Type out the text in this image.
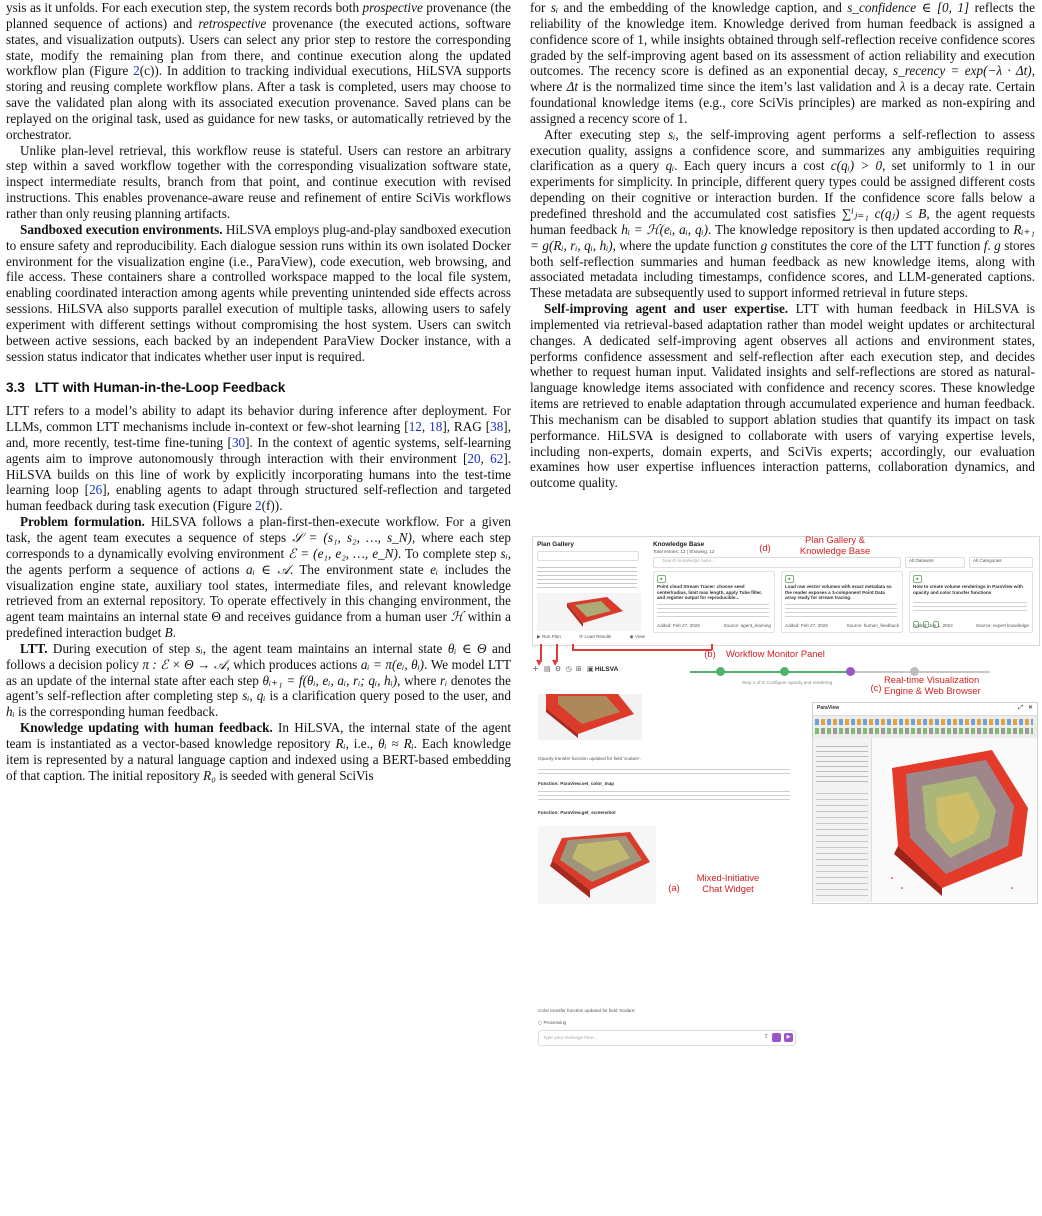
ysis as it unfolds. For each execution step, the system records both prospective provenance (the planned sequence of actions) and retrospective provenance (the executed actions, software states, and visualization outputs). Users can select any prior step to restore the corresponding state, modify the remaining plan from there, and continue execution along the updated workflow plan (Figure 2(c)). In addition to tracking individual executions, HiLSVA supports storing and reusing complete workflow plans. After a task is completed, users may choose to save the validated plan along with its associated execution provenance. Saved plans can be replayed on the original task, used as guidance for new tasks, or automatically retrieved by the orchestrator.

Unlike plan-level retrieval, this workflow reuse is stateful. Users can restore an arbitrary step within a saved workflow together with the corresponding visualization software state, inspect intermediate results, branch from that point, and continue execution with revised instructions. This enables provenance-aware reuse and refinement of entire SciVis workflows rather than only reusing planning artifacts.

Sandboxed execution environments. HiLSVA employs plug-and-play sandboxed execution to ensure safety and reproducibility. Each dialogue session runs within its own isolated Docker environment for the visualization engine (i.e., ParaView), code execution, web browsing, and file access. These containers share a controlled workspace mapped to the local file system, enabling coordinated interaction among agents while preventing unintended side effects across sessions. HiLSVA also supports parallel execution of multiple tasks, allowing users to safely experiment with different settings without compromising the host system. Users can switch between active sessions, each backed by an independent ParaView Docker instance, with a session status indicator that indicates whether user input is required.

3.3 LTT with Human-in-the-Loop Feedback

LTT refers to a model’s ability to adapt its behavior during inference after deployment. For LLMs, common LTT mechanisms include in-context or few-shot learning [12, 18], RAG [38], and, more recently, test-time fine-tuning [30]. In the context of agentic systems, self-learning agents aim to improve autonomously through interaction with their environment [20, 62]. HiLSVA builds on this line of work by explicitly incorporating humans into the test-time learning loop [26], enabling agents to adapt through structured self-reflection and targeted human feedback during task execution (Figure 2(f)).

Problem formulation. HiLSVA follows a plan-first-then-execute workflow. For a given task, the agent team executes a sequence of steps 𝒮 = (s₁, s₂, …, s_N), where each step corresponds to a dynamically evolving environment ℰ = (e₁, e₂, …, e_N). To complete step sᵢ, the agents perform a sequence of actions aᵢ ∈ 𝒜. The environment state eᵢ includes the visualization engine state, auxiliary tool states, intermediate files, and relevant knowledge retrieved from an external repository. To operate effectively in this changing environment, the agent team maintains an internal state Θ and receives guidance from a human user ℋ within a predefined interaction budget B.

LTT. During execution of step sᵢ, the agent team maintains an internal state θᵢ ∈ Θ and follows a decision policy π : ℰ × Θ → 𝒜, which produces actions aᵢ = π(eᵢ, θᵢ). We model LTT as an update of the internal state after each step θᵢ₊₁ = f(θᵢ, eᵢ, aᵢ, rᵢ; qᵢ, hᵢ), where rᵢ denotes the agent’s self-reflection after completing step sᵢ, qᵢ is a clarification query posed to the user, and hᵢ is the corresponding human feedback.

Knowledge updating with human feedback. In HiLSVA, the internal state of the agent team is instantiated as a vector-based knowledge repository Rᵢ, i.e., θᵢ ≈ Rᵢ. Each knowledge item is represented by a natural language caption and indexed using a BERT-based embedding of that caption. The initial repository R₀ is seeded with general SciVis

for sᵢ and the embedding of the knowledge caption, and s_confidence ∈ [0, 1] reflects the reliability of the knowledge item. Knowledge derived from human feedback is assigned a confidence score of 1, while insights obtained through self-reflection receive confidence scores graded by the self-improving agent based on its assessment of action reliability and execution outcomes. The recency score is defined as an exponential decay, s_recency = exp(−λ · Δt), where Δt is the normalized time since the item’s last validation and λ is a decay rate. Certain foundational knowledge items (e.g., core SciVis principles) are marked as non-expiring and assigned a recency score of 1.

After executing step sᵢ, the self-improving agent performs a self-reflection to assess execution quality, assigns a confidence score, and summarizes any ambiguities requiring clarification as a query qᵢ. Each query incurs a cost c(qᵢ) > 0, set uniformly to 1 in our experiments for simplicity. In principle, different query types could be assigned different costs depending on their cognitive or interaction burden. If the confidence score falls below a predefined threshold and the accumulated cost satisfies ∑ⁱⱼ₌₁ c(qⱼ) ≤ B, the agent requests human feedback hᵢ = ℋ(eᵢ, aᵢ, qᵢ). The knowledge repository is then updated according to Rᵢ₊₁ = g(Rᵢ, rᵢ, qᵢ, hᵢ), where the update function g constitutes the core of the LTT function f. g stores both self-reflection summaries and human feedback as new knowledge items, along with associated metadata including timestamps, confidence scores, and LLM-generated captions. These metadata are subsequently used to support informed retrieval in future steps.

Self-improving agent and user expertise. LTT with human feedback in HiLSVA is implemented via retrieval-based adaptation rather than model weight updates or architectural changes. A dedicated self-improving agent observes all actions and environment states, performs confidence assessment and self-reflection after each execution step, and decides whether to request human input. Validated insights and self-reflections are stored as natural-language knowledge items associated with confidence and recency scores. These knowledge items are retrieved to enable adaptation through accumulated experience and human feedback. This mechanism can be disabled to support ablation studies that quantify its impact on task performance. HiLSVA is designed to collaborate with users of varying expertise levels, including non-experts, domain experts, and SciVis experts; accordingly, our evaluation examines how user expertise influences interaction patterns, collaboration dynamics, and outcome quality.

Plan Gallery
▶ Run Plan	⟳ Load Results	◉ View
Knowledge Base
Total entries: 12 | Showing: 12
Search knowledge base...	All Datasets	All Categories
●
Point cloud Stream Tracer: choose seed center/radius, limit max length, apply Tube filter, and register output for reproducible...
Added: Feb 27, 2026	Source: agent_learning
●
Load raw vector volumes with exact metadata so the reader exposes a 3-component Point Data array ready for stream tracing.
Added: Feb 27, 2026	Source: human_feedback
●
How to create volume renderings in ParaView with opacity and color transfer functions

Added: Jan 1, 2024	Source: expert knowledge
(d)
Plan Gallery &
Knowledge Base
▼ ▼
+ ▤ ⚙ ◷ ⊞ ▣ HiLSVA
(b)	Workflow Monitor Panel
Step 1 of 3: Configure opacity and rendering
Opacity transfer function updated for field 'scalars'.
Function: ParaView.set_color_map
Function: ParaView.get_screenshot
Color transfer function updated for field 'scalars'.
○ Processing
Type your message here...	⇪	▶
(a)
Mixed-Initiative
Chat Widget
(c)
Real-time Visualization
Engine & Web Browser
ParaView	⤢ ✕
